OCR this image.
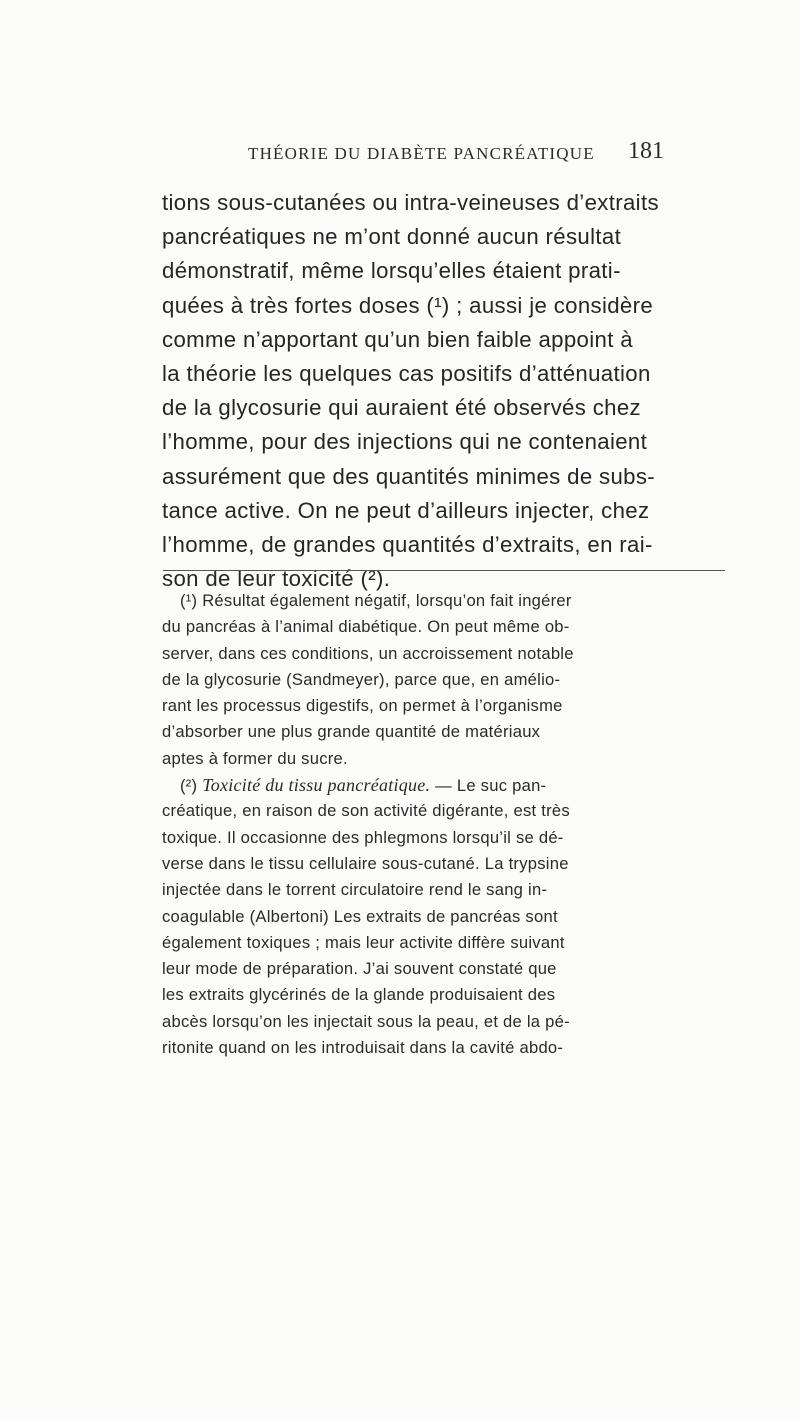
THÉORIE DU DIABÈTE PANCRÉATIQUE 181
tions sous-cutanées ou intra-veineuses d’extraits
pancréatiques ne m’ont donné aucun résultat
démonstratif, même lorsqu’elles étaient prati-
quées à très fortes doses (¹) ; aussi je considère
comme n’apportant qu’un bien faible appoint à
la théorie les quelques cas positifs d’atténuation
de la glycosurie qui auraient été observés chez
l’homme, pour des injections qui ne contenaient
assurément que des quantités minimes de subs-
tance active. On ne peut d’ailleurs injecter, chez
l’homme, de grandes quantités d’extraits, en rai-
son de leur toxicité (²).
(¹) Résultat également négatif, lorsqu’on fait ingérer
du pancréas à l’animal diabétique. On peut même ob-
server, dans ces conditions, un accroissement notable
de la glycosurie (Sandmeyer), parce que, en amélio-
rant les processus digestifs, on permet à l’organisme
d’absorber une plus grande quantité de matériaux
aptes à former du sucre.
(²) Toxicité du tissu pancréatique. — Le suc pan-
créatique, en raison de son activité digérante, est très
toxique. Il occasionne des phlegmons lorsqu’il se dé-
verse dans le tissu cellulaire sous-cutané. La trypsine
injectée dans le torrent circulatoire rend le sang in-
coagulable (Albertoni) Les extraits de pancréas sont
également toxiques ; mais leur activite diffère suivant
leur mode de préparation. J’ai souvent constaté que
les extraits glycérinés de la glande produisaient des
abcès lorsqu’on les injectait sous la peau, et de la pé-
ritonite quand on les introduisait dans la cavité abdo-
